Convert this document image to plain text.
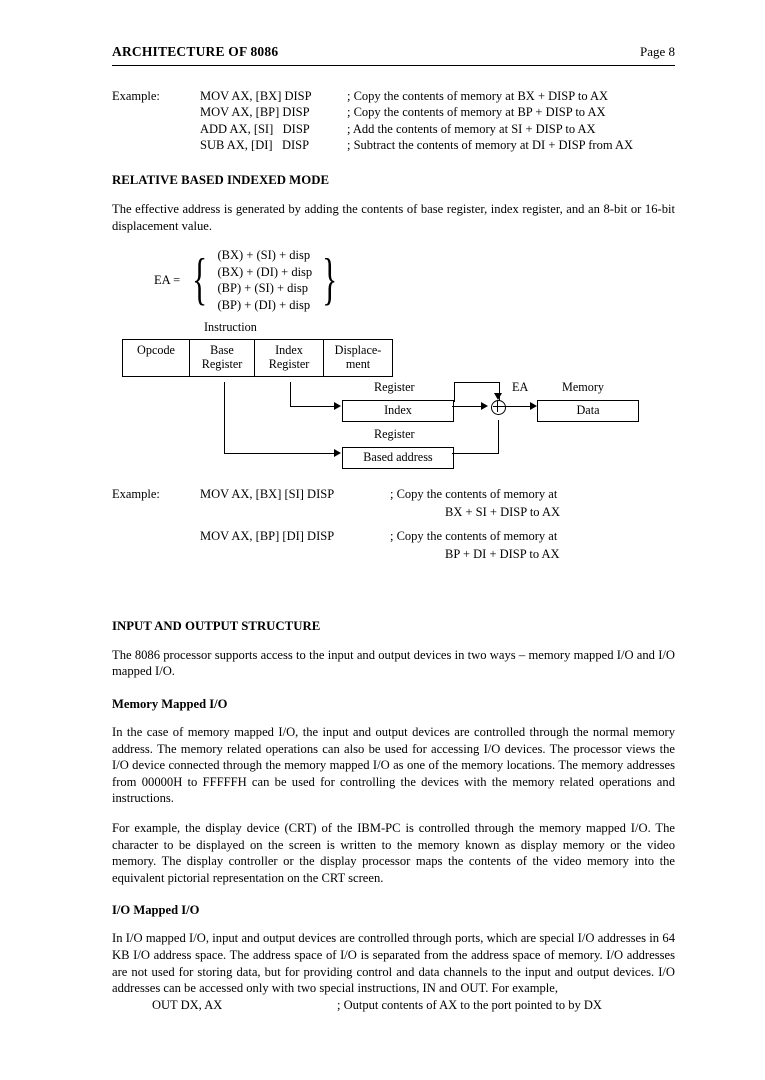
ARCHITECTURE OF 8086	Page 8
Example:	MOV AX, [BX] DISP	; Copy the contents of memory at BX + DISP to AX
MOV AX, [BP] DISP	; Copy the contents of memory at BP + DISP to AX
ADD AX, [SI]   DISP	; Add the contents of memory at SI + DISP to AX
SUB AX, [DI]   DISP	; Subtract the contents of memory at DI + DISP from AX
RELATIVE BASED INDEXED MODE

The effective address is generated by adding the contents of base register, index register, and an 8-bit or 16-bit displacement value.

EA = { (BX) + (SI) + disp
(BX) + (DI) + disp
(BP) + (SI) + disp
(BP) + (DI) + disp }
Instruction
Opcode
	Base
Register
Index
Register
Displace-
ment
Register
Register
EA	Memory
Index
Based address
Data
Example:	MOV AX, [BX] [SI] DISP	; Copy the contents of memory at
BX + SI + DISP to AX
MOV AX, [BP] [DI] DISP	; Copy the contents of memory at
BP + DI + DISP to AX
INPUT AND OUTPUT STRUCTURE

The 8086 processor supports access to the input and output devices in two ways – memory mapped I/O and I/O mapped I/O.

Memory Mapped I/O

In the case of memory mapped I/O, the input and output devices are controlled through the normal memory address. The memory related operations can also be used for accessing I/O devices. The processor views the I/O device connected through the memory mapped I/O as one of the memory locations. The memory addresses from 00000H to FFFFFH can be used for controlling the devices with the memory related operations and instructions.

For example, the display device (CRT) of the IBM-PC is controlled through the memory mapped I/O. The character to be displayed on the screen is written to the memory known as display memory or the video memory. The display controller or the display processor maps the contents of the video memory into the equivalent pictorial representation on the CRT screen.

I/O Mapped I/O

In I/O mapped I/O, input and output devices are controlled through ports, which are special I/O addresses in 64 KB I/O address space. The address space of I/O is separated from the address space of memory. I/O addresses are not used for storing data, but for providing control and data channels to the input and output devices. I/O addresses can be accessed only with two special instructions, IN and OUT. For example,

OUT DX, AX	; Output contents of AX to the port pointed to by DX
